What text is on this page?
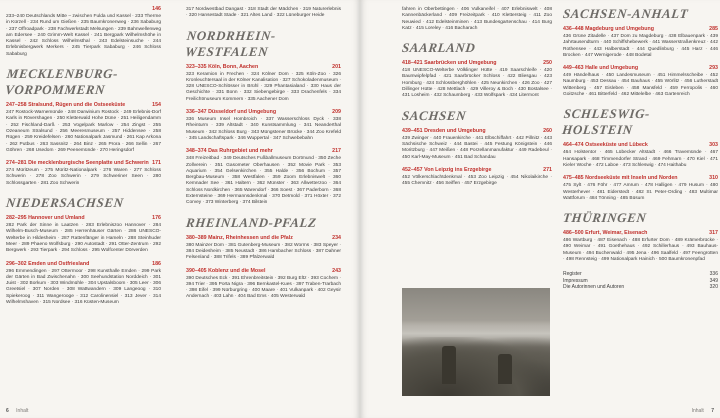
146
233–240 Deutschlands Mitte – zwischen Fulda und Kassel · 233 Therme in Kürzell · 234 Rund um Gießen · 235 Baumkronenweg · 236 Sababurg · 237 Offroadpark · 238 Fachwerkstadt Melsungen · 239 Bahnwellenweg am Edersee · 240 Grimm-Welt Kassel · 241 Bergpark Wilhelmshöhe in Kassel · 242 Schloss Wilhelmsthal · 243 Edelsteinsuche · 244 Erlebnisbergwerk Merkers · 245 Tierpark Sababurg · 246 Schloss Sababurg
MECKLENBURG-VORPOMMERN
247–258 Stralsund, Rügen und die Ostseeküste	154
247 Rostock-Warnemünde · 248 Darwinium Rostock · 249 Erlebnis-Dorf Karls in Rövershagen · 250 Kletterwald Hohe Düne · 251 Heiligendamm · 252 Fischland-Darß · 253 Vogelpark Marlow · 254 Zingst · 255 Ozeaneum Stralsund · 256 Meeresmuseum · 257 Hiddensee · 258 Rügen · 259 Kreidefelsen · 260 Nationalpark Jasmund · 261 Kap Arkona · 262 Putbus · 263 Sassnitz · 264 Binz · 265 Prora · 266 Sellin · 267 Göhren · 268 Usedom · 269 Peenemünde · 270 Heringsdorf
274–281 Die mecklenburgische Seenplatte und Schwerin 171
274 Müritzeum · 275 Müritz-Nationalpark · 276 Waren · 277 Schloss Schwerin · 278 Zoo Schwerin · 279 Schweriner Seen · 280 Schlossgarten · 281 Zoo Schwerin
NIEDERSACHSEN
282–295 Hannover und Umland	176
282 Park der Sinne in Laatzen · 283 Erlebniszoo Hannover · 284 Wilhelm-Busch-Museum · 285 Herrenhäuser Gärten · 286 UNESCO-Welterbe in Hildesheim · 287 Rattenfänger in Hameln · 288 Steinhuder Meer · 289 Phaeno Wolfsburg · 290 Autostadt · 291 Otter-Zentrum · 292 Bergwerk · 293 Tierpark · 294 Schloss · 295 Wolfcenter Dörverden
296–302 Emden und Ostfriesland	186
296 Emmendingen · 297 Ottermoor · 298 Kunsthalle Emden · 299 Park der Gärten in Bad Zwischenahn · 300 Seehundstation Norddeich · 301 Juist · 302 Borkum · 303 Windmühle · 304 Upstalsboom · 305 Leer · 306 Greetsiel · 307 Norden · 308 Wattwandern · 309 Langeoog · 310 Spiekeroog · 311 Wangerooge · 312 Carolinensiel · 313 Jever · 314 Wilhelmshaven · 315 Nordsee · 316 Küsten-Museum
317 Nordwestbad Dangast · 318 Stadt der Mädchen · 319 Naturerlebnis · 320 Hansestadt Stade · 321 Altes Land · 322 Lüneburger Heide
NORDRHEIN-WESTFALEN
323–335 Köln, Bonn, Aachen	201
323 Keramion in Frechen · 324 Kölner Dom · 325 Köln-Zoo · 326 Kronleuchtersaal in der Kölner Kanalisation · 327 Schokoladenmuseum · 328 UNESCO-Schlösser in Brühl · 329 Phantasialand · 330 Haus der Geschichte · 331 Bonn · 332 Siebengebirge · 333 Drachenfels · 334 Freilichtmuseum Kommern · 335 Aachener Dom
336–347 Düsseldorf und Umgebung	209
336 Museum Insel Hombroich · 337 Wasserschloss Dyck · 338 Rheinturm · 339 Altstadt · 340 Kunstsammlung · 341 Neanderthal Museum · 342 Schloss Burg · 343 Müngstener Brücke · 344 Zoo Krefeld · 345 Landschaftspark · 346 Wuppertal · 347 Schwebebahn
348–374 Das Ruhrgebiet und mehr	217
348 Freizeitbad · 349 Deutsches Fußballmuseum Dortmund · 350 Zeche Zollverein · 351 Gasometer Oberhausen · 352 Movie Park · 353 Aquarium · 354 Gelsenkirchen · 355 Halde · 356 Bochum · 357 Bergbau-Museum · 358 Westfalen · 359 Zoom Erlebniswelt · 360 Kemnader See · 361 Haltern · 362 Münster · 363 Allwetterzoo · 364 Schloss Nordkirchen · 365 Warendorf · 366 Soest · 367 Paderborn · 368 Externsteine · 369 Hermannsdenkmal · 370 Detmold · 371 Höxter · 372 Corvey · 373 Winterberg · 374 Bilstein
RHEINLAND-PFALZ
380–389 Mainz, Rheinhessen und die Pfalz	234
380 Mainzer Dom · 381 Gutenberg-Museum · 382 Worms · 383 Speyer · 384 Deidesheim · 385 Neustadt · 386 Hambacher Schloss · 387 Dahner Felsenland · 388 Trifels · 389 Pfälzerwald
390–405 Koblenz und die Mosel	243
390 Deutsches Eck · 391 Ehrenbreitstein · 392 Burg Eltz · 393 Cochem · 394 Trier · 395 Porta Nigra · 396 Bernkastel-Kues · 397 Traben-Trarbach · 398 Eifel · 399 Nürburgring · 400 Maare · 401 Vulkanpark · 402 Geysir Andernach · 403 Lahn · 404 Bad Ems · 405 Westerwald
6 Inhalt
fahren in Oberbettingen · 406 Vulkaneifel · 407 Erlebniswelt · 408 Kannenbäckerland · 409 Freizeitpark · 410 Klettersteig · 411 Zoo Neuwied · 412 Edelsteinminen · 413 Bundesgartenschau · 414 Burg Katz · 415 Loreley · 416 Bacharach
SAARLAND
418–421 Saarbrücken und Umgebung	250
418 UNESCO-Welterbe Völklinger Hütte · 419 Saarschleife · 420 Baumwipfelpfad · 421 Saarbrücker Schloss · 422 Bliesgau · 423 Homburg · 424 Schlossberghöhlen · 425 Neunkirchen · 426 Zoo · 427 Dillinger Hütte · 428 Mettlach · 429 Villeroy & Boch · 430 Bostalsee · 431 Losheim · 432 Schaumberg · 433 Wolfspark · 434 Litermont
SACHSEN
439–451 Dresden und Umgebung	260
439 Zwinger · 440 Frauenkirche · 441 Elbschiffahrt · 442 Pillnitz · 443 Sächsische Schweiz · 444 Bastei · 445 Festung Königstein · 446 Moritzburg · 447 Meißen · 448 Porzellanmanufaktur · 449 Radebeul · 450 Karl-May-Museum · 451 Bad Schandau
452–457 Von Leipzig ins Erzgebirge	271
452 Völkerschlachtdenkmal · 453 Zoo Leipzig · 454 Nikolaikirche · 455 Chemnitz · 456 Seiffen · 457 Erzgebirge
SACHSEN-ANHALT
436–448 Magdeburg und Umgebung	285
436 Grüne Zitadelle · 437 Dom zu Magdeburg · 438 Elbauenpark · 439 Jahrtausendturm · 440 Schiffshebewerk · 441 Wasserstraßenkreuz · 442 Rothensee · 443 Halberstadt · 444 Quedlinburg · 445 Harz · 446 Brocken · 447 Wernigerode · 448 Bodetal
449–463 Halle und Umgebung	293
449 Händelhaus · 450 Landesmuseum · 451 Himmelsscheibe · 452 Naumburg · 453 Dessau · 454 Bauhaus · 455 Wörlitz · 456 Lutherstadt Wittenberg · 457 Eisleben · 458 Mansfeld · 459 Ferropolis · 460 Goitzsche · 461 Bitterfeld · 462 Mittelelbe · 463 Gartenreich
SCHLESWIG-HOLSTEIN
464–474 Ostseeküste und Lübeck	303
464 Holstentor · 465 Lübecker Altstadt · 466 Travemünde · 467 Hansapark · 468 Timmendorfer Strand · 469 Fehmarn · 470 Kiel · 471 Kieler Woche · 472 Laboe · 473 Schleswig · 474 Haithabu
475–485 Nordseeküste mit Inseln und Norden	310
475 Sylt · 476 Föhr · 477 Amrum · 478 Halligen · 479 Husum · 480 Westerhever · 481 Eiderstedt · 482 St. Peter-Ording · 483 Multimar Wattforum · 484 Tönning · 485 Büsum
THÜRINGEN
486–500 Erfurt, Weimar, Eisenach	317
486 Wartburg · 487 Eisenach · 488 Erfurter Dom · 489 Krämerbrücke · 490 Weimar · 491 Goethehaus · 492 Schillerhaus · 493 Bauhaus-Museum · 494 Buchenwald · 495 Jena · 496 Saalfeld · 497 Feengrotten · 498 Rennsteig · 499 Nationalpark Hainich · 500 Baumkronenpfad
Register	336
Impressum	349
Die Autorinnen und Autoren	320
Inhalt 7
